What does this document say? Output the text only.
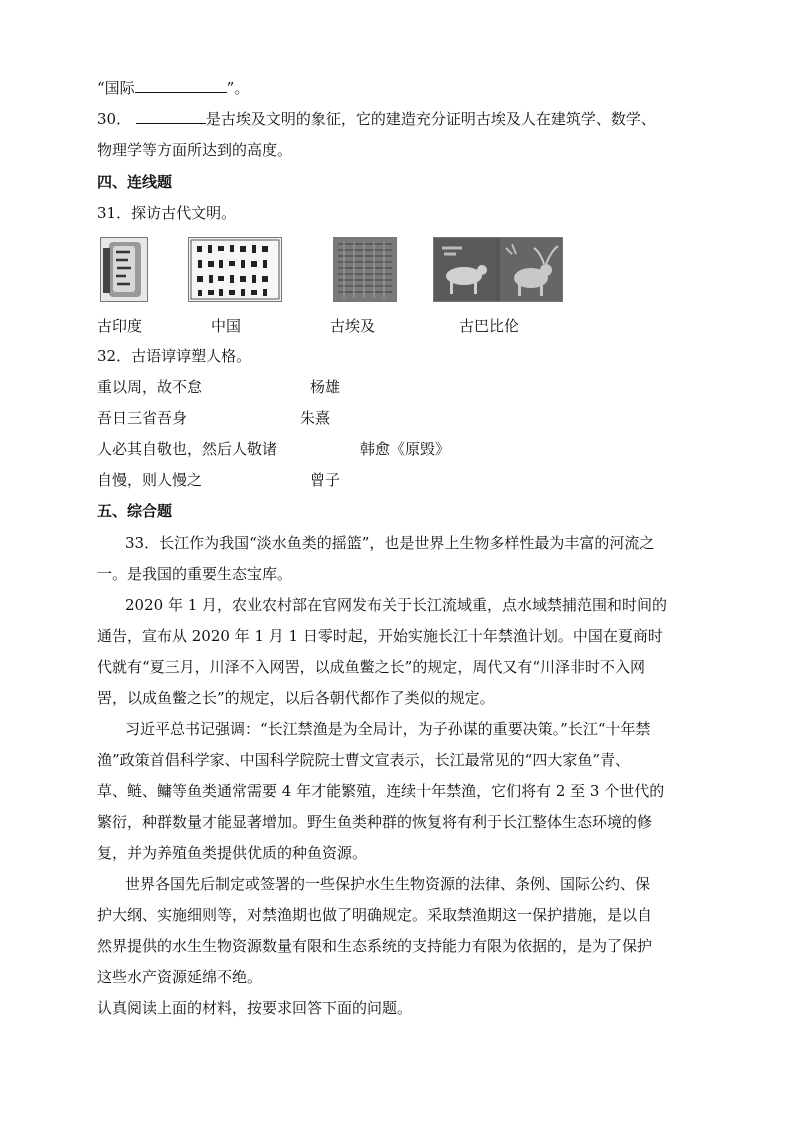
“国际	”。
30．	是古埃及文明的象征，它的建造充分证明古埃及人在建筑学、数学、
物理学等方面所达到的高度。
四、连线题
31．探访古代文明。
古印度	中国	古埃及	古巴比伦
32．古语谆谆塑人格。
重以周，故不怠	杨雄
吾日三省吾身	朱熹
人必其自敬也，然后人敬诸	韩愈《原毁》
自慢，则人慢之	曾子
五、综合题
33．长江作为我国“淡水鱼类的摇篮”，也是世界上生物多样性最为丰富的河流之
一。是我国的重要生态宝库。
2020 年 1 月，农业农村部在官网发布关于长江流域重，点水域禁捕范围和时间的
通告，宣布从 2020 年 1 月 1 日零时起，开始实施长江十年禁渔计划。中国在夏商时
代就有“夏三月，川泽不入网罟，以成鱼鳖之长”的规定，周代又有“川泽非时不入网
罟，以成鱼鳖之长”的规定，以后各朝代都作了类似的规定。
习近平总书记强调：“长江禁渔是为全局计，为子孙谋的重要决策。”长江“十年禁
渔”政策首倡科学家、中国科学院院士曹文宣表示，长江最常见的“四大家鱼”青、
草、鲢、鳙等鱼类通常需要 4 年才能繁殖，连续十年禁渔，它们将有 2 至 3 个世代的
繁衍，种群数量才能显著增加。野生鱼类种群的恢复将有利于长江整体生态环境的修
复，并为养殖鱼类提供优质的种鱼资源。
世界各国先后制定或签署的一些保护水生生物资源的法律、条例、国际公约、保
护大纲、实施细则等，对禁渔期也做了明确规定。采取禁渔期这一保护措施，是以自
然界提供的水生生物资源数量有限和生态系统的支持能力有限为依据的，是为了保护
这些水产资源延绵不绝。
认真阅读上面的材料，按要求回答下面的问题。
